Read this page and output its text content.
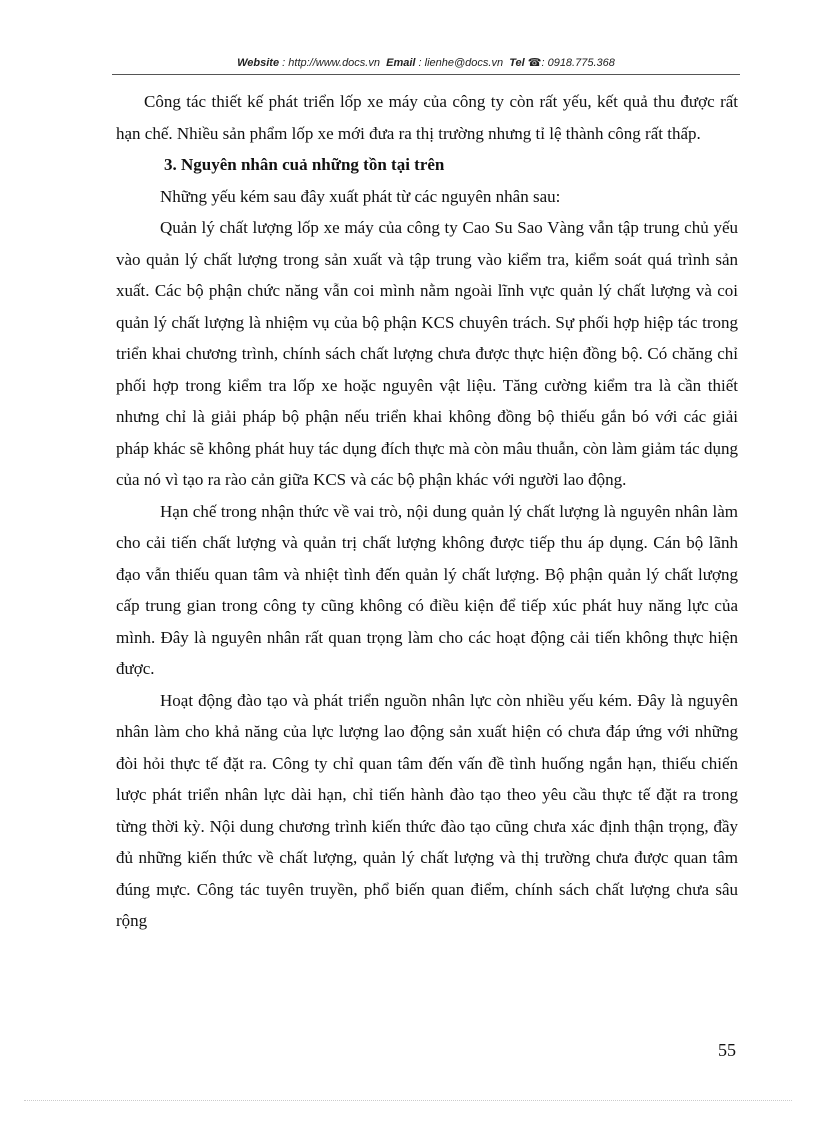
Website : http://www.docs.vn Email : lienhe@docs.vn Tel ☎: 0918.775.368

Công tác thiết kế phát triển lốp xe máy của công ty còn rất yếu, kết quả thu được rất hạn chế. Nhiều sản phẩm lốp xe mới đưa ra thị trường nhưng tỉ lệ thành công rất thấp.

3. Nguyên nhân cuả những tồn tại trên

Những yếu kém sau đây xuất phát từ các nguyên nhân sau:

Quản lý chất lượng lốp xe máy của công ty Cao Su Sao Vàng vẫn tập trung chủ yếu vào quản lý chất lượng trong sản xuất và tập trung vào kiểm tra, kiểm soát quá trình sản xuất. Các bộ phận chức năng vẫn coi mình nằm ngoài lĩnh vực quản lý chất lượng và coi quản lý chất lượng là nhiệm vụ của bộ phận KCS chuyên trách. Sự phối hợp hiệp tác trong triển khai chương trình, chính sách chất lượng chưa được thực hiện đồng bộ. Có chăng chỉ phối hợp trong kiểm tra lốp xe hoặc nguyên vật liệu. Tăng cường kiểm tra là cần thiết nhưng chỉ là giải pháp bộ phận nếu triển khai không đồng bộ thiếu gắn bó với các giải pháp khác sẽ không phát huy tác dụng đích thực mà còn mâu thuẫn, còn làm giảm tác dụng của nó vì tạo ra rào cản giữa KCS và các bộ phận khác với người lao động.

Hạn chế trong nhận thức về vai trò, nội dung quản lý chất lượng là nguyên nhân làm cho cải tiến chất lượng và quản trị chất lượng không được tiếp thu áp dụng. Cán bộ lãnh đạo vẫn thiếu quan tâm và nhiệt tình đến quản lý chất lượng. Bộ phận quản lý chất lượng cấp trung gian trong công ty cũng không có điều kiện để tiếp xúc phát huy năng lực của mình. Đây là nguyên nhân rất quan trọng làm cho các hoạt động cải tiến không thực hiện được.

Hoạt động đào tạo và phát triển nguồn nhân lực còn nhiều yếu kém. Đây là nguyên nhân làm cho khả năng của lực lượng lao động sản xuất hiện có chưa đáp ứng với những đòi hỏi thực tế đặt ra. Công ty chỉ quan tâm đến vấn đề tình huống ngắn hạn, thiếu chiến lược phát triển nhân lực dài hạn, chỉ tiến hành đào tạo theo yêu cầu thực tế đặt ra trong từng thời kỳ. Nội dung chương trình kiến thức đào tạo cũng chưa xác định thận trọng, đầy đủ những kiến thức về chất lượng, quản lý chất lượng và thị trường chưa được quan tâm đúng mực. Công tác tuyên truyền, phổ biến quan điểm, chính sách chất lượng chưa sâu rộng

55
